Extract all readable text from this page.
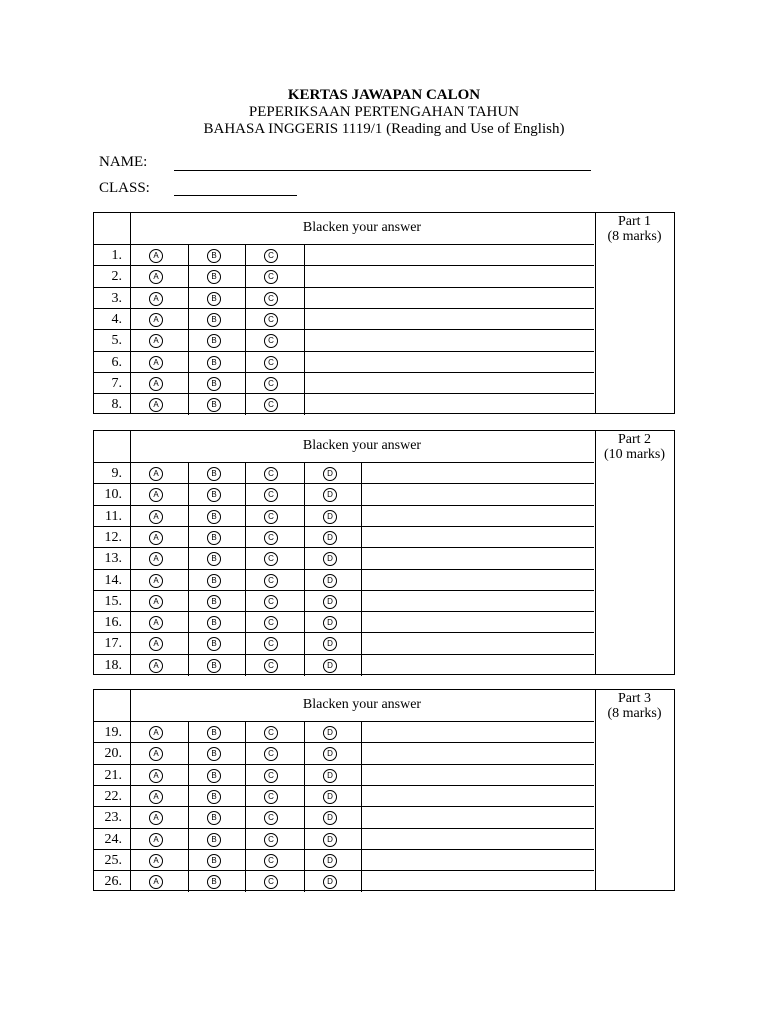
KERTAS JAWAPAN CALON
PEPERIKSAAN PERTENGAHAN TAHUN
BAHASA INGGERIS 1119/1 (Reading and Use of English)
NAME:
CLASS:
Blacken your answer	Part 1
(8 marks)
1.	A	B	C
2.	A	B	C
3.	A	B	C
4.	A	B	C
5.	A	B	C
6.	A	B	C
7.	A	B	C
8.	A	B	C
Blacken your answer	Part 2
(10 marks)
9.	A	B	C	D
10.	A	B	C	D
11.	A	B	C	D
12.	A	B	C	D
13.	A	B	C	D
14.	A	B	C	D
15.	A	B	C	D
16.	A	B	C	D
17.	A	B	C	D
18.	A	B	C	D
Blacken your answer	Part 3
(8 marks)
19.	A	B	C	D
20.	A	B	C	D
21.	A	B	C	D
22.	A	B	C	D
23.	A	B	C	D
24.	A	B	C	D
25.	A	B	C	D
26.	A	B	C	D
